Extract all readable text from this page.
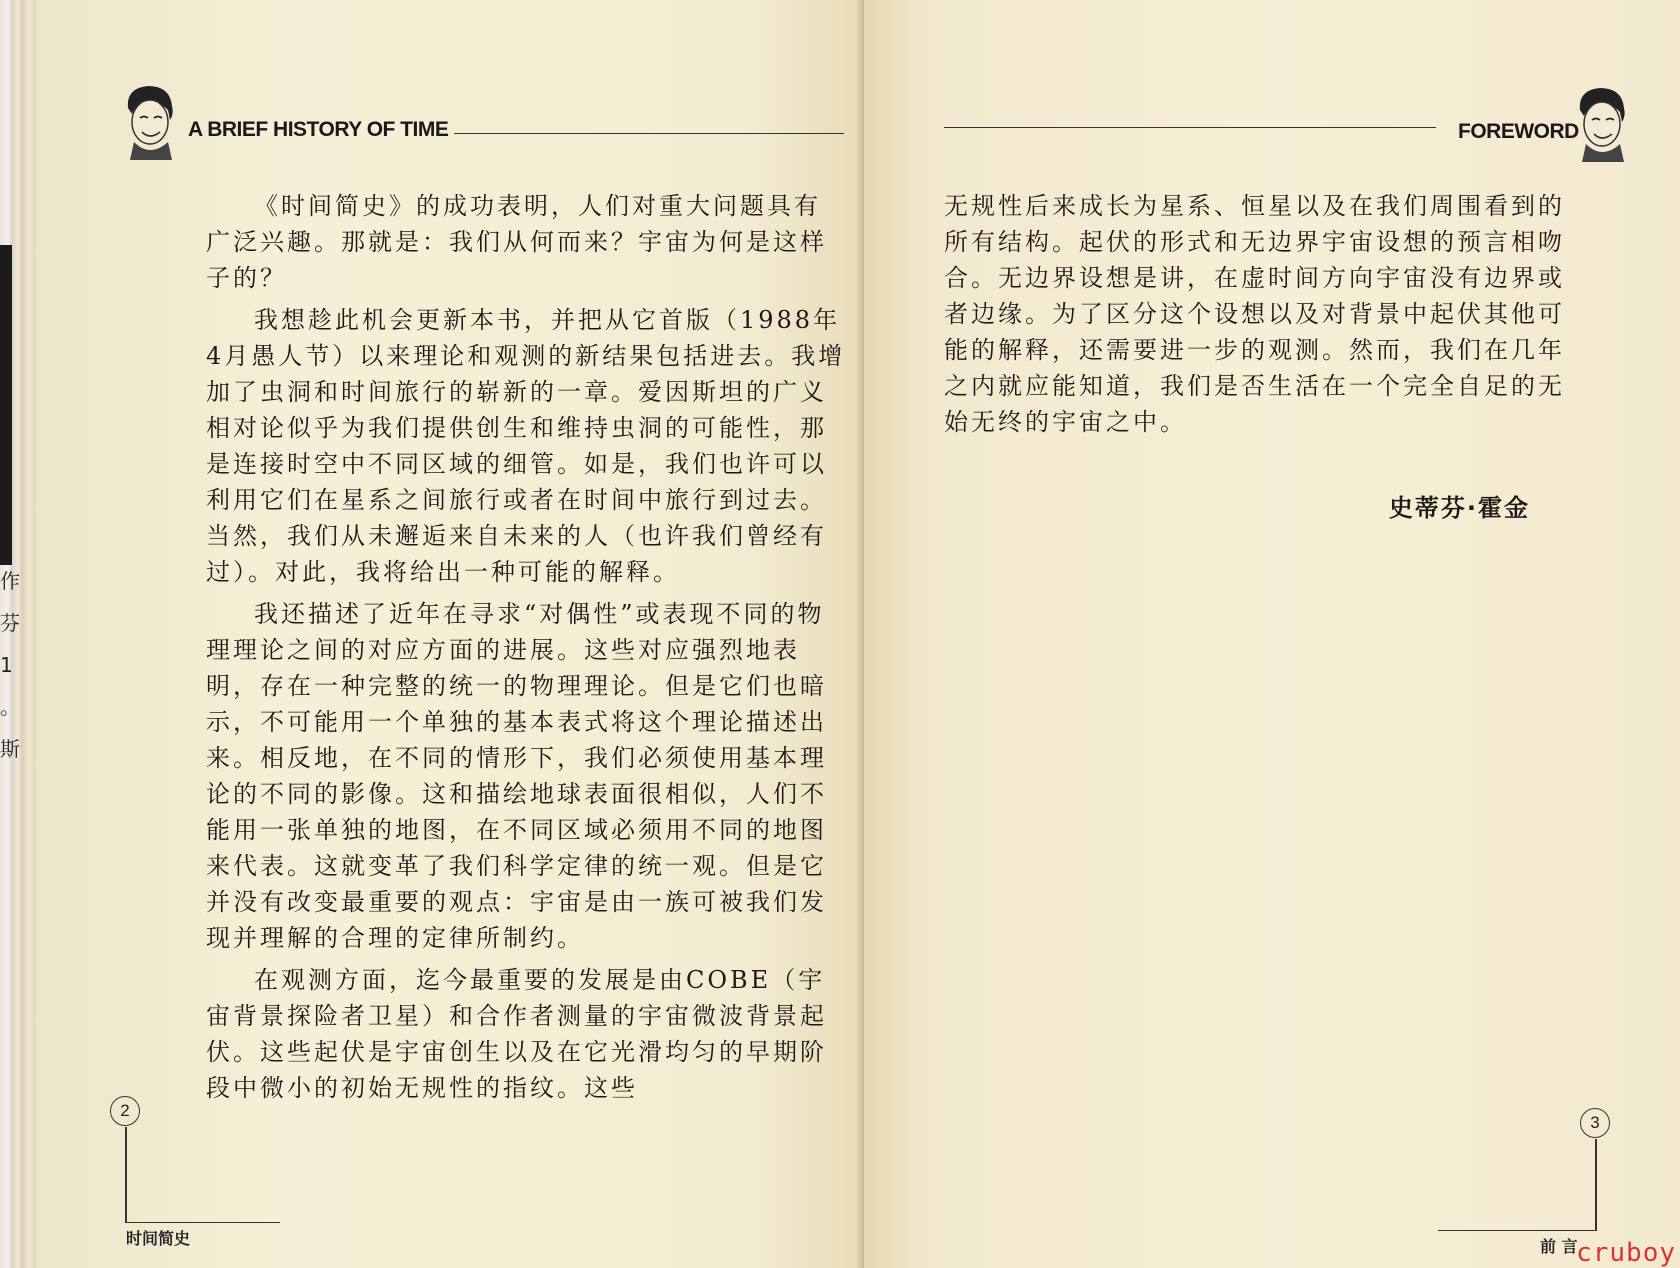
作
芬
1
。
斯
A BRIEF HISTORY OF TIME

《时间简史》的成功表明，人们对重大问题具有广泛兴趣。那就是：我们从何而来？宇宙为何是这样子的？

我想趁此机会更新本书，并把从它首版（1988年4月愚人节）以来理论和观测的新结果包括进去。我增加了虫洞和时间旅行的崭新的一章。爱因斯坦的广义相对论似乎为我们提供创生和维持虫洞的可能性，那是连接时空中不同区域的细管。如是，我们也许可以利用它们在星系之间旅行或者在时间中旅行到过去。当然，我们从未邂逅来自未来的人（也许我们曾经有过）。对此，我将给出一种可能的解释。

我还描述了近年在寻求“对偶性”或表现不同的物理理论之间的对应方面的进展。这些对应强烈地表明，存在一种完整的统一的物理理论。但是它们也暗示，不可能用一个单独的基本表式将这个理论描述出来。相反地，在不同的情形下，我们必须使用基本理论的不同的影像。这和描绘地球表面很相似，人们不能用一张单独的地图，在不同区域必须用不同的地图来代表。这就变革了我们科学定律的统一观。但是它并没有改变最重要的观点：宇宙是由一族可被我们发现并理解的合理的定律所制约。

在观测方面，迄今最重要的发展是由COBE（宇宙背景探险者卫星）和合作者测量的宇宙微波背景起伏。这些起伏是宇宙创生以及在它光滑均匀的早期阶段中微小的初始无规性的指纹。这些

2
时间简史
FOREWORD

无规性后来成长为星系、恒星以及在我们周围看到的所有结构。起伏的形式和无边界宇宙设想的预言相吻合。无边界设想是讲，在虚时间方向宇宙没有边界或者边缘。为了区分这个设想以及对背景中起伏其他可能的解释，还需要进一步的观测。然而，我们在几年之内就应能知道，我们是否生活在一个完全自足的无始无终的宇宙之中。

史蒂芬·霍金
3
前 言
cruboy
